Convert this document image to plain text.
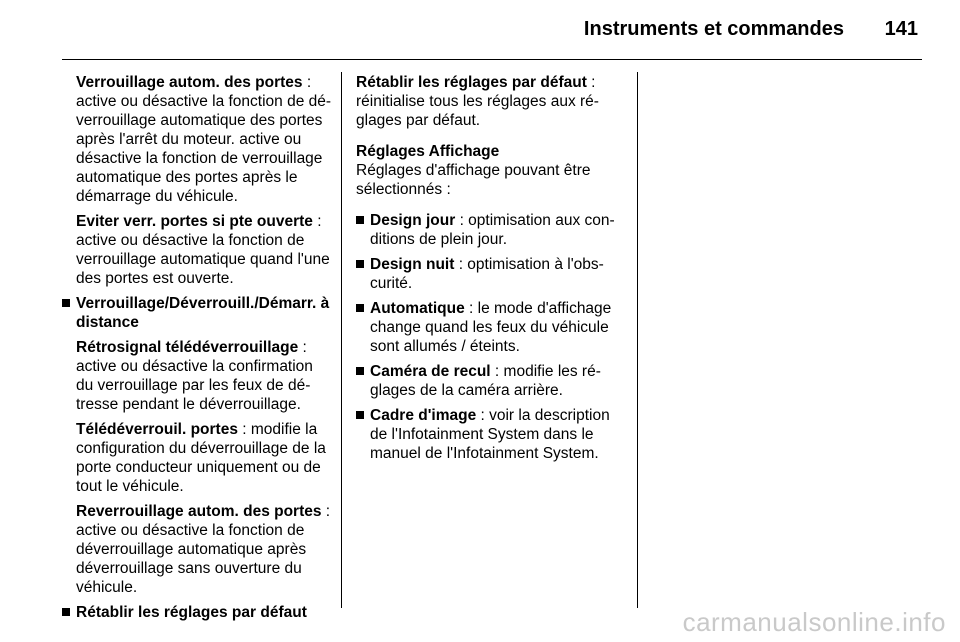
Instruments et commandes 141
Verrouillage autom. des portes : active ou désactive la fonction de déverrouillage automatique des portes après l'arrêt du moteur. active ou désactive la fonction de verrouillage automatique des portes après le démarrage du véhicule.
Eviter verr. portes si pte ouverte : active ou désactive la fonction de verrouillage automatique quand l'une des portes est ouverte.
Verrouillage/Déverrouill./Démarr. à distance
Rétrosignal télédéverrouillage : active ou désactive la confirmation du verrouillage par les feux de détresse pendant le déverrouillage.
Télédéverrouil. portes : modifie la configuration du déverrouillage de la porte conducteur uniquement ou de tout le véhicule.
Reverrouillage autom. des portes : active ou désactive la fonction de déverrouillage automatique après déverrouillage sans ouverture du véhicule.
Rétablir les réglages par défaut
Rétablir les réglages par défaut : réinitialise tous les réglages aux réglages par défaut.
Réglages Affichage
Réglages d'affichage pouvant être sélectionnés :
Design jour : optimisation aux conditions de plein jour.
Design nuit : optimisation à l'obscurité.
Automatique : le mode d'affichage change quand les feux du véhicule sont allumés / éteints.
Caméra de recul : modifie les réglages de la caméra arrière.
Cadre d'image : voir la description de l'Infotainment System dans le manuel de l'Infotainment System.
carmanualsonline.info
